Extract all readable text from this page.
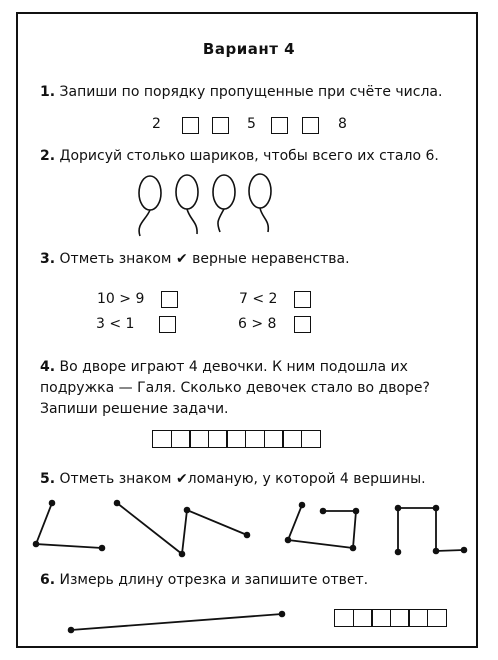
Вариант 4
1. Запиши по порядку пропущенные при счёте числа.
2	5	8
2. Дорисуй столько шариков, чтобы всего их стало 6.
3. Отметь знаком ✔ верные неравенства.
10 > 9
3 < 1
7 < 2
6 > 8
4. Во дворе играют 4 девочки. К ним подошла их
подружка — Галя. Сколько девочек стало во дворе?
Запиши решение задачи.
5. Отметь знаком ✔ломаную, у которой 4 вершины.
6. Измерь длину отрезка и запишите ответ.
